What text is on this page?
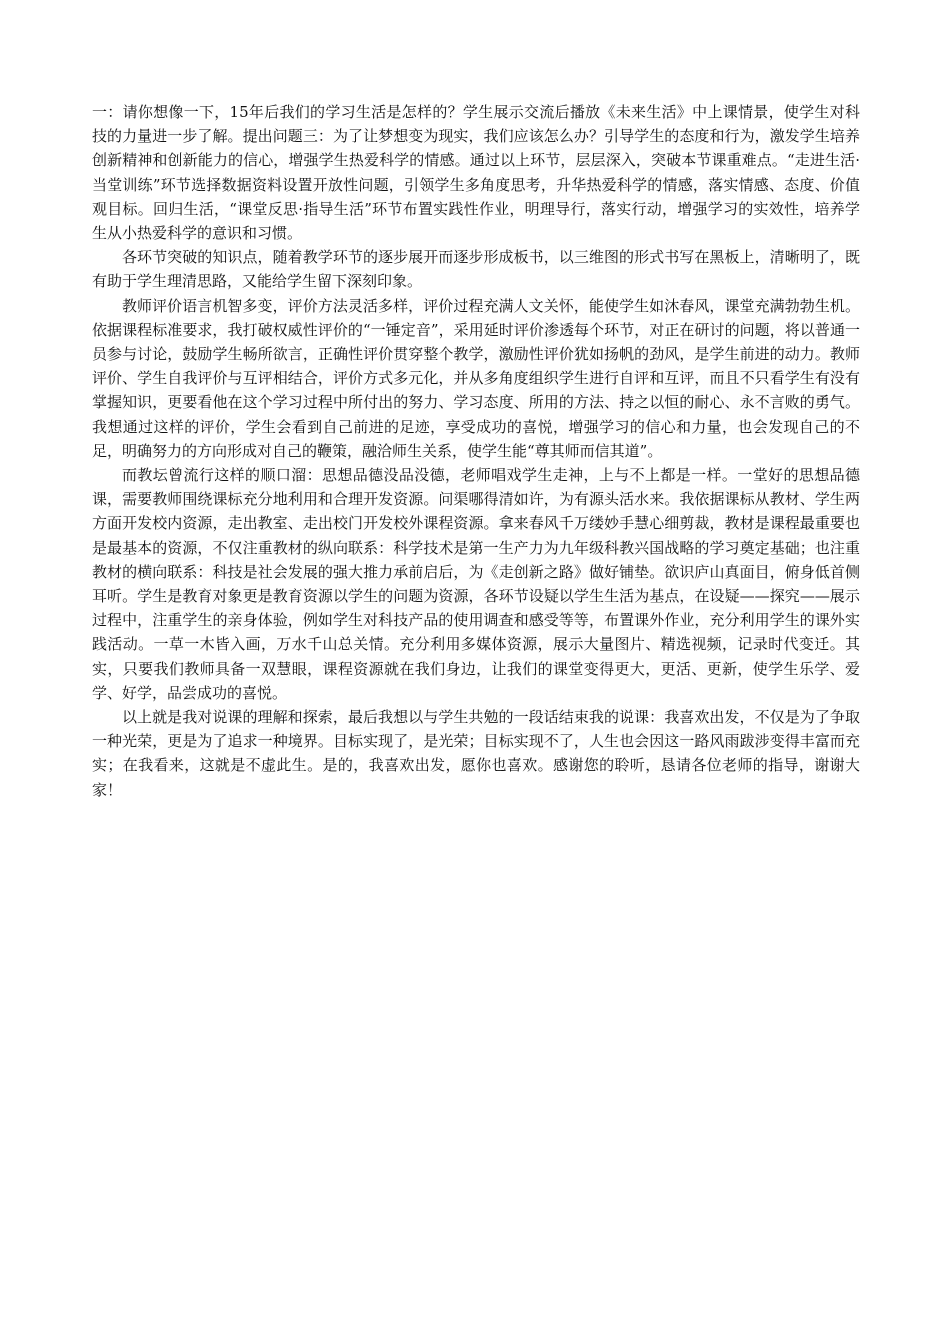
一：请你想像一下，15年后我们的学习生活是怎样的？学生展示交流后播放《未来生活》中上课情景，使学生对科技的力量进一步了解。提出问题三：为了让梦想变为现实，我们应该怎么办？引导学生的态度和行为，激发学生培养创新精神和创新能力的信心，增强学生热爱科学的情感。通过以上环节，层层深入，突破本节课重难点。“走进生活·当堂训练”环节选择数据资料设置开放性问题，引领学生多角度思考，升华热爱科学的情感，落实情感、态度、价值观目标。回归生活，“课堂反思·指导生活”环节布置实践性作业，明理导行，落实行动，增强学习的实效性，培养学生从小热爱科学的意识和习惯。

各环节突破的知识点，随着教学环节的逐步展开而逐步形成板书，以三维图的形式书写在黑板上，清晰明了，既有助于学生理清思路，又能给学生留下深刻印象。

教师评价语言机智多变，评价方法灵活多样，评价过程充满人文关怀，能使学生如沐春风，课堂充满勃勃生机。依据课程标准要求，我打破权威性评价的“一锤定音”，采用延时评价渗透每个环节，对正在研讨的问题，将以普通一员参与讨论，鼓励学生畅所欲言，正确性评价贯穿整个教学，激励性评价犹如扬帆的劲风，是学生前进的动力。教师评价、学生自我评价与互评相结合，评价方式多元化，并从多角度组织学生进行自评和互评，而且不只看学生有没有掌握知识，更要看他在这个学习过程中所付出的努力、学习态度、所用的方法、持之以恒的耐心、永不言败的勇气。我想通过这样的评价，学生会看到自己前进的足迹，享受成功的喜悦，增强学习的信心和力量，也会发现自己的不足，明确努力的方向形成对自己的鞭策，融洽师生关系，使学生能“尊其师而信其道”。

而教坛曾流行这样的顺口溜：思想品德没品没德，老师唱戏学生走神，上与不上都是一样。一堂好的思想品德课，需要教师围绕课标充分地利用和合理开发资源。问渠哪得清如许，为有源头活水来。我依据课标从教材、学生两方面开发校内资源，走出教室、走出校门开发校外课程资源。拿来春风千万缕妙手慧心细剪裁，教材是课程最重要也是最基本的资源，不仅注重教材的纵向联系：科学技术是第一生产力为九年级科教兴国战略的学习奠定基础；也注重教材的横向联系：科技是社会发展的强大推力承前启后，为《走创新之路》做好铺垫。欲识庐山真面目，俯身低首侧耳听。学生是教育对象更是教育资源以学生的问题为资源，各环节设疑以学生生活为基点，在设疑——探究——展示过程中，注重学生的亲身体验，例如学生对科技产品的使用调查和感受等等，布置课外作业，充分利用学生的课外实践活动。一草一木皆入画，万水千山总关情。充分利用多媒体资源，展示大量图片、精选视频，记录时代变迁。其实，只要我们教师具备一双慧眼，课程资源就在我们身边，让我们的课堂变得更大，更活、更新，使学生乐学、爱学、好学，品尝成功的喜悦。

以上就是我对说课的理解和探索，最后我想以与学生共勉的一段话结束我的说课：我喜欢出发，不仅是为了争取一种光荣，更是为了追求一种境界。目标实现了，是光荣；目标实现不了，人生也会因这一路风雨跋涉变得丰富而充实；在我看来，这就是不虚此生。是的，我喜欢出发，愿你也喜欢。感谢您的聆听，恳请各位老师的指导，谢谢大家！
